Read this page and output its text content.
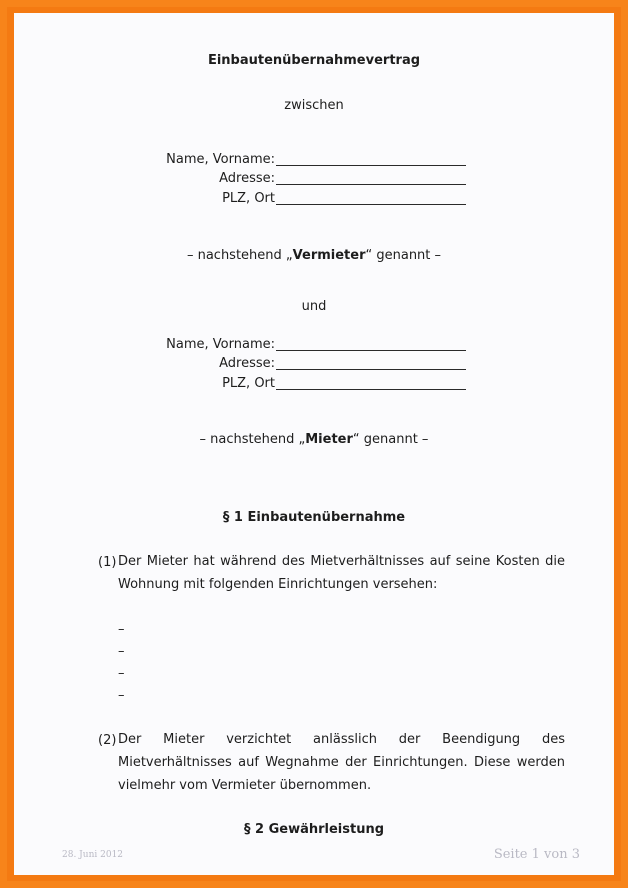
Einbautenübernahmevertrag
zwischen
Name, Vorname:
Adresse:
PLZ, Ort
– nachstehend „Vermieter“ genannt –
und
Name, Vorname:
Adresse:
PLZ, Ort
– nachstehend „Mieter“ genannt –
§ 1 Einbautenübernahme
(1) Der Mieter hat während des Mietverhältnisses auf seine Kosten die Wohnung mit folgenden Einrichtungen versehen:
–
–
–
–
(2) Der Mieter verzichtet anlässlich der Beendigung des Mietverhältnisses auf Wegnahme der Einrichtungen. Diese werden vielmehr vom Vermieter übernommen.
§ 2 Gewährleistung
28. Juni 2012	Seite 1 von 3
